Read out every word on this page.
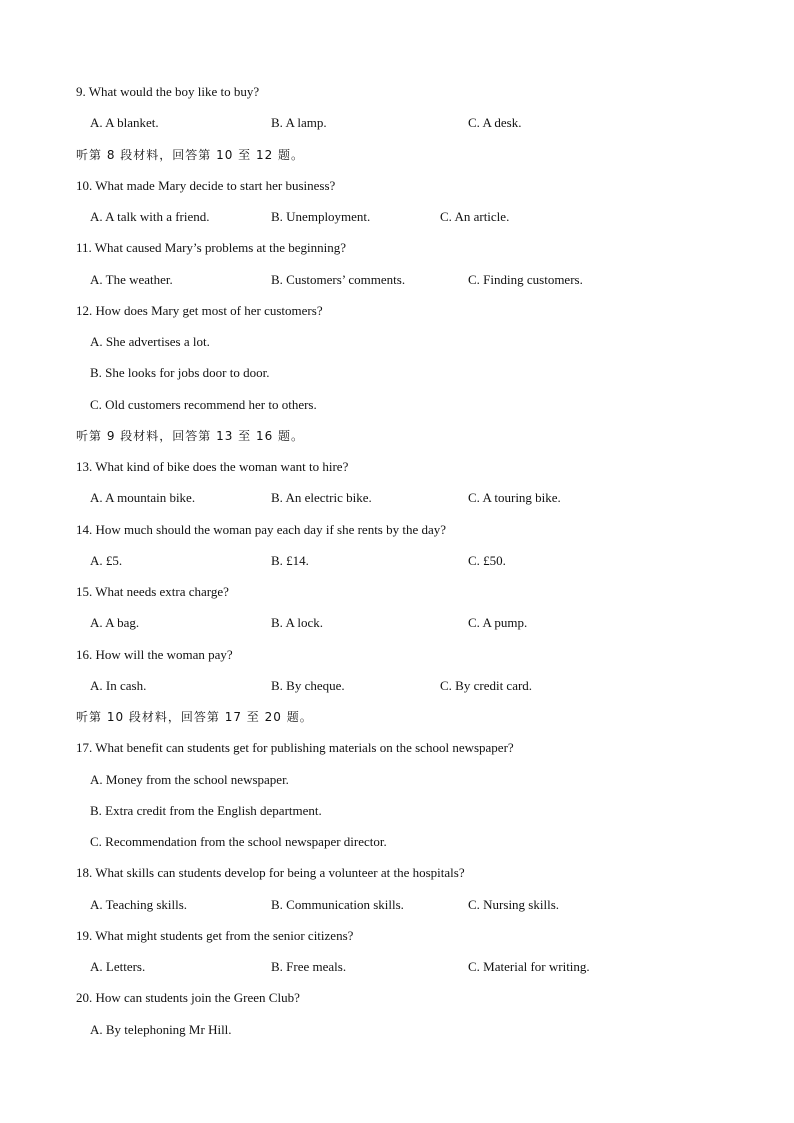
9. What would the boy like to buy?
A. A blanket.	B. A lamp.	C. A desk.
听第 8 段材料，回答第 10 至 12 题。
10. What made Mary decide to start her business?
A. A talk with a friend.	B. Unemployment.	C. An article.
11. What caused Mary’s problems at the beginning?
A. The weather.	B. Customers’ comments.	C. Finding customers.
12. How does Mary get most of her customers?
A. She advertises a lot.
B. She looks for jobs door to door.
C. Old customers recommend her to others.
听第 9 段材料，回答第 13 至 16 题。
13. What kind of bike does the woman want to hire?
A. A mountain bike.	B. An electric bike.	C. A touring bike.
14. How much should the woman pay each day if she rents by the day?
A. £5.	B. £14.	C. £50.
15. What needs extra charge?
A. A bag.	B. A lock.	C. A pump.
16. How will the woman pay?
A. In cash.	B. By cheque.	C. By credit card.
听第 10 段材料，回答第 17 至 20 题。
17. What benefit can students get for publishing materials on the school newspaper?
A. Money from the school newspaper.
B. Extra credit from the English department.
C. Recommendation from the school newspaper director.
18. What skills can students develop for being a volunteer at the hospitals?
A. Teaching skills.	B. Communication skills.	C. Nursing skills.
19. What might students get from the senior citizens?
A. Letters.	B. Free meals.	C. Material for writing.
20. How can students join the Green Club?
A. By telephoning Mr Hill.
